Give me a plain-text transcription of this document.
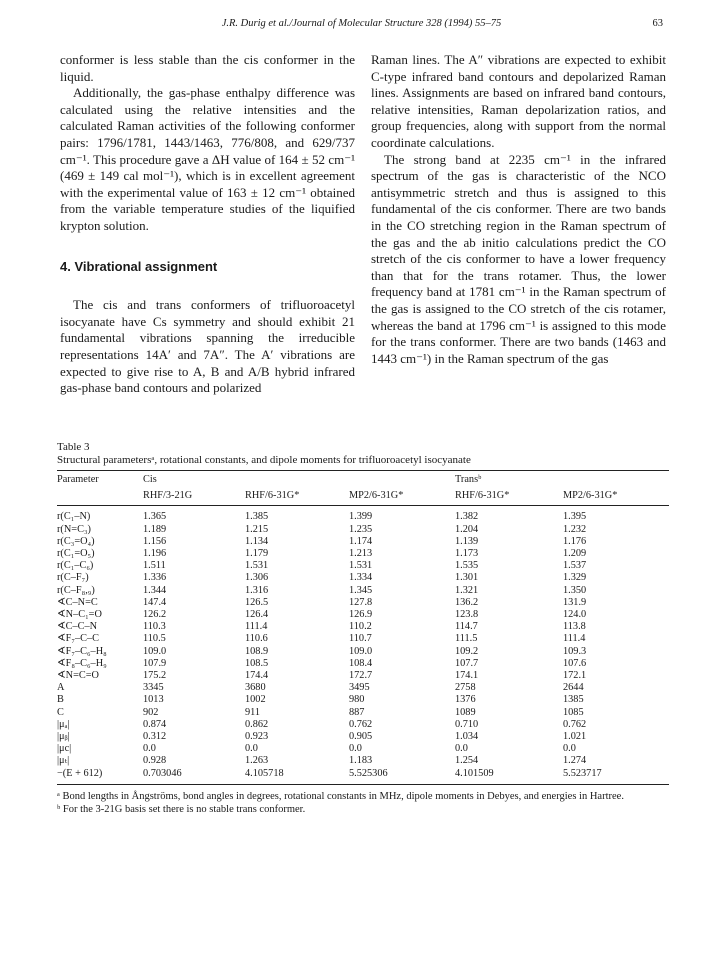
J.R. Durig et al./Journal of Molecular Structure 328 (1994) 55–75	63

conformer is less stable than the cis conformer in the liquid.

Additionally, the gas-phase enthalpy difference was calculated using the relative intensities and the calculated Raman activities of the following conformer pairs: 1796/1781, 1443/1463, 776/808, and 629/737 cm⁻¹. This procedure gave a ΔH value of 164 ± 52 cm⁻¹ (469 ± 149 cal mol⁻¹), which is in excellent agreement with the experimental value of 163 ± 12 cm⁻¹ obtained from the variable temperature studies of the liquified krypton solution.

4. Vibrational assignment

The cis and trans conformers of trifluoroacetyl isocyanate have Cs symmetry and should exhibit 21 fundamental vibrations spanning the irreducible representations 14A′ and 7A″. The A′ vibrations are expected to give rise to A, B and A/B hybrid infrared gas-phase band contours and polarized

Raman lines. The A″ vibrations are expected to exhibit C-type infrared band contours and depolarized Raman lines. Assignments are based on infrared band contours, relative intensities, Raman depolarization ratios, and group frequencies, along with support from the normal coordinate calculations.

The strong band at 2235 cm⁻¹ in the infrared spectrum of the gas is characteristic of the NCO antisymmetric stretch and thus is assigned to this fundamental of the cis conformer. There are two bands in the CO stretching region in the Raman spectrum of the gas and the ab initio calculations predict the CO stretch of the cis conformer to have a lower frequency than that for the trans rotamer. Thus, the lower frequency band at 1781 cm⁻¹ in the Raman spectrum of the gas is assigned to the CO stretch of the cis rotamer, whereas the band at 1796 cm⁻¹ is assigned to this mode for the trans conformer. There are two bands (1463 and 1443 cm⁻¹) in the Raman spectrum of the gas

Table 3
Structural parametersᵃ, rotational constants, and dipole moments for trifluoroacetyl isocyanate
Parameter	Cis			Transᵇ	
	RHF/3-21G	RHF/6-31G*	MP2/6-31G*	RHF/6-31G*	MP2/6-31G*
r(C₁–N)	1.365	1.385	1.399	1.382	1.395
r(N=C₃)	1.189	1.215	1.235	1.204	1.232
r(C₃=O₄)	1.156	1.134	1.174	1.139	1.176
r(C₁=O₅)	1.196	1.179	1.213	1.173	1.209
r(C₁–C₆)	1.511	1.531	1.531	1.535	1.537
r(C–F₇)	1.336	1.306	1.334	1.301	1.329
r(C–F₈,₉)	1.344	1.316	1.345	1.321	1.350
∢C–N=C	147.4	126.5	127.8	136.2	131.9
∢N–C₁=O	126.2	126.4	126.9	123.8	124.0
∢C–C–N	110.3	111.4	110.2	114.7	113.8
∢F₇–C–C	110.5	110.6	110.7	111.5	111.4
∢F₇–C₆–H₈	109.0	108.9	109.0	109.2	109.3
∢F₈–C₆–H₉	107.9	108.5	108.4	107.7	107.6
∢N=C=O	175.2	174.4	172.7	174.1	172.1
A	3345	3680	3495	2758	2644
B	1013	1002	980	1376	1385
C	902	911	887	1089	1085
|μₐ|	0.874	0.862	0.762	0.710	0.762
|μᵦ|	0.312	0.923	0.905	1.034	1.021
|μc|	0.0	0.0	0.0	0.0	0.0
|μₜ|	0.928	1.263	1.183	1.254	1.274
−(E + 612)	0.703046	4.105718	5.525306	4.101509	5.523717
ᵃ Bond lengths in Ångströms, bond angles in degrees, rotational constants in MHz, dipole moments in Debyes, and energies in Hartree.
ᵇ For the 3-21G basis set there is no stable trans conformer.
